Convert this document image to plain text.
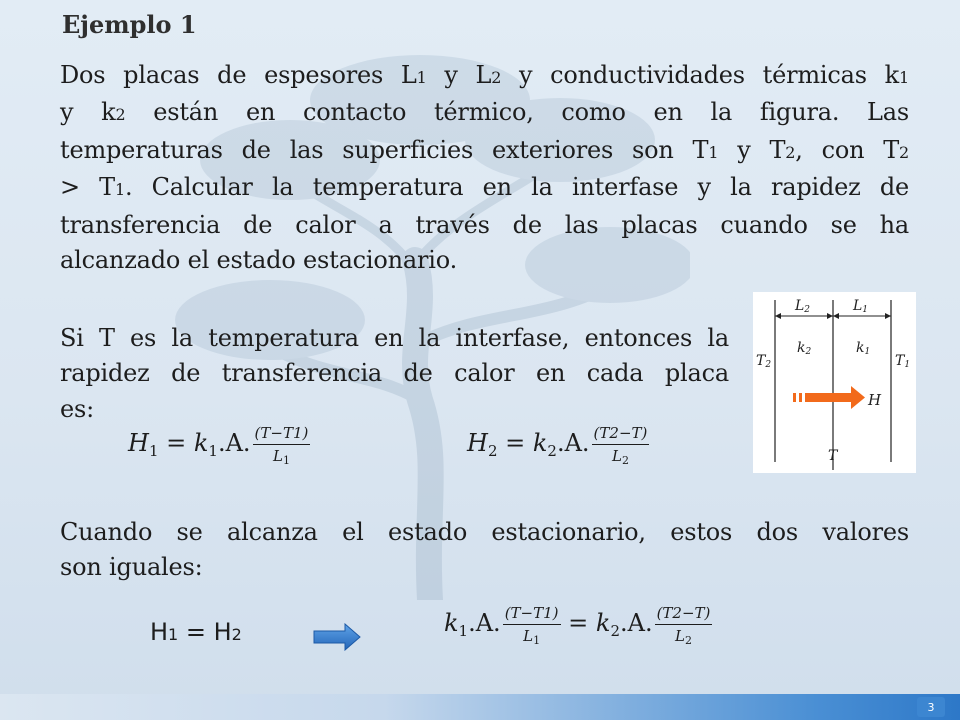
Ejemplo 1
Dos placas de espesores L1 y L2 y conductividades térmicas k1
y k2 están en contacto térmico, como en la figura. Las
temperaturas de las superficies exteriores son T1 y T2, con T2
> T1. Calcular la temperatura en la interfase y la rapidez de
transferencia de calor a través de las placas cuando se ha
alcanzado el estado estacionario.
Si T es la temperatura en la interfase, entonces la
rapidez de transferencia de calor en cada placa
es:
L2	L1
k2	k1
T2	T1
H
T
$H_1 = k_1.A$. $\frac{(T-T1)}{L_1}$	$H_2 = k_2.A$. $\frac{(T2-T)}{L_2}$
Cuando se alcanza el estado estacionario, estos dos valores
son iguales:
H1 = H2	$k_1.A$. $\frac{(T-T1)}{L_1} = k_2.A$. $\frac{(T2-T)}{L_2}$
3
